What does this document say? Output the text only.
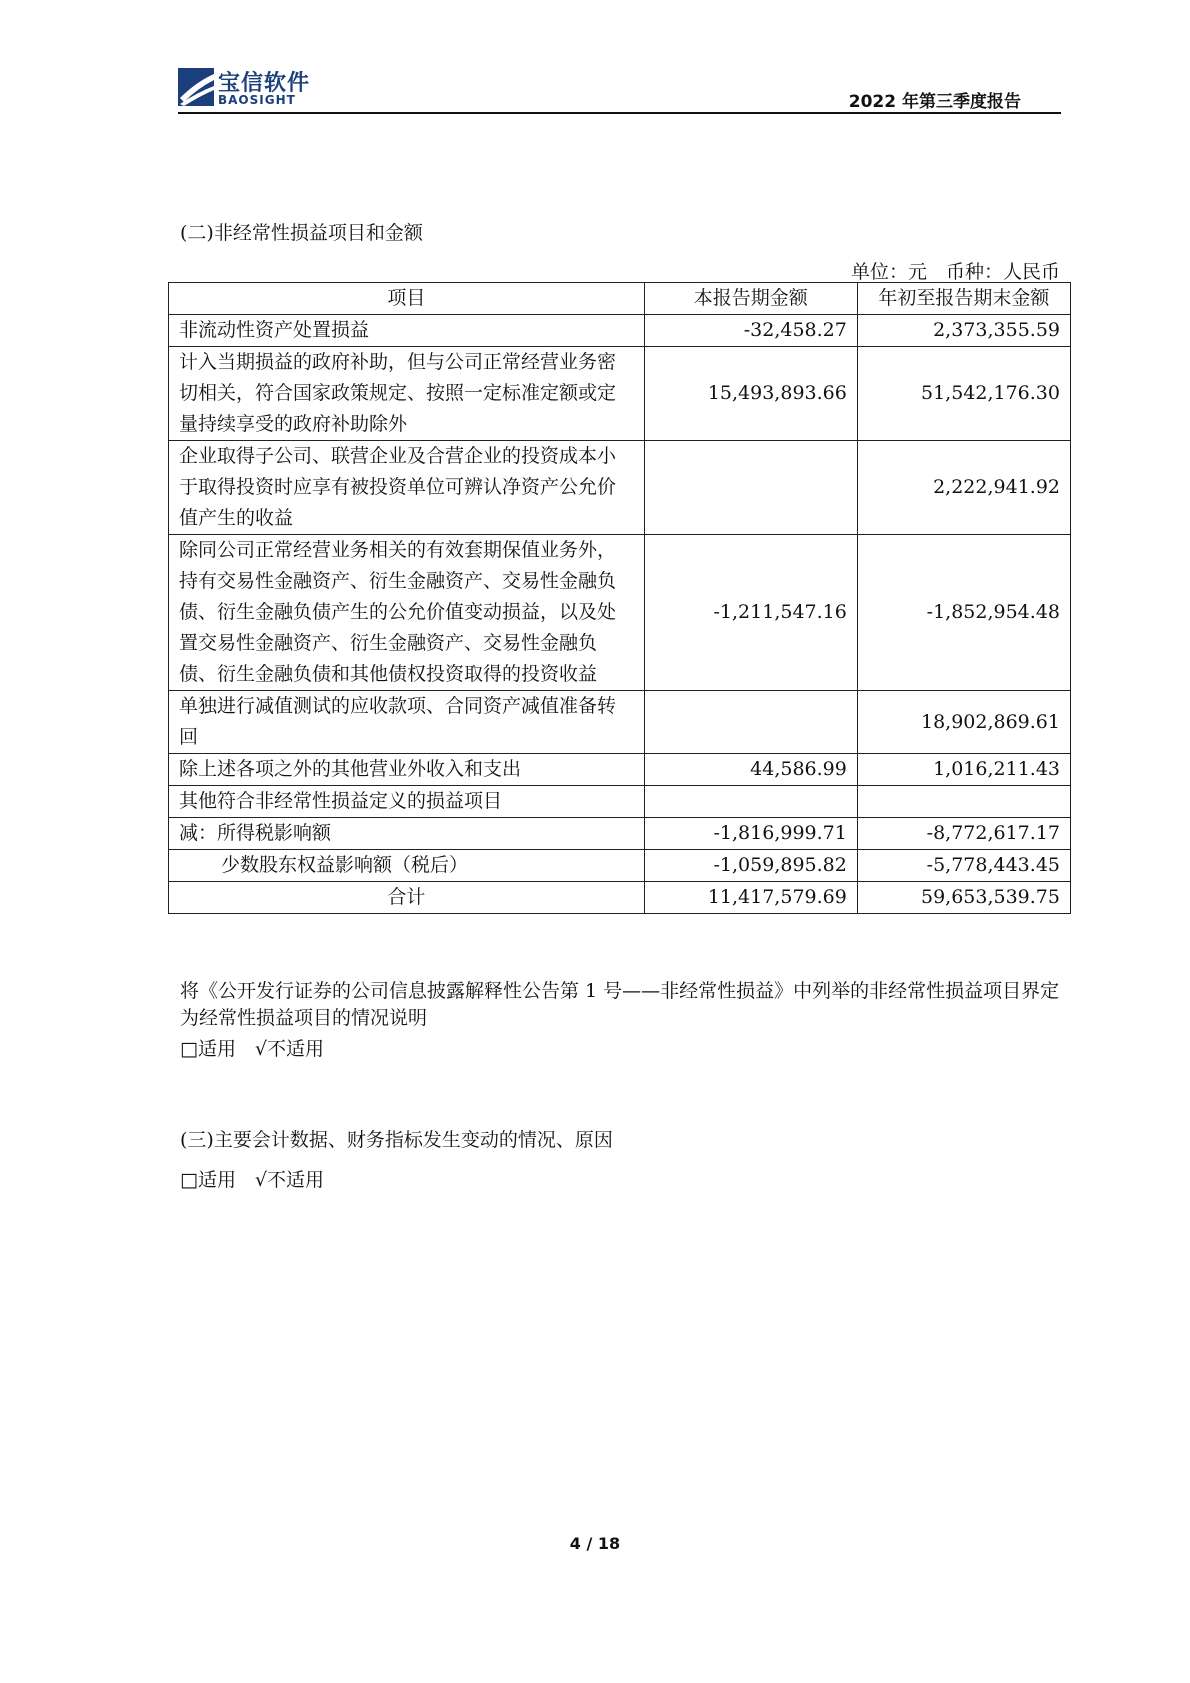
宝信软件
BAOSIGHT	2022 年第三季度报告
(二)非经常性损益项目和金额
单位：元　币种：人民币
项目	本报告期金额	年初至报告期末金额
非流动性资产处置损益	-32,458.27	2,373,355.59
计入当期损益的政府补助，但与公司正常经营业务密切相关，符合国家政策规定、按照一定标准定额或定量持续享受的政府补助除外	15,493,893.66	51,542,176.30
企业取得子公司、联营企业及合营企业的投资成本小于取得投资时应享有被投资单位可辨认净资产公允价值产生的收益		2,222,941.92
除同公司正常经营业务相关的有效套期保值业务外，持有交易性金融资产、衍生金融资产、交易性金融负债、衍生金融负债产生的公允价值变动损益，以及处置交易性金融资产、衍生金融资产、交易性金融负债、衍生金融负债和其他债权投资取得的投资收益	-1,211,547.16	-1,852,954.48
单独进行减值测试的应收款项、合同资产减值准备转回		18,902,869.61
除上述各项之外的其他营业外收入和支出	44,586.99	1,016,211.43
其他符合非经常性损益定义的损益项目		
减：所得税影响额	-1,816,999.71	-8,772,617.17
少数股东权益影响额（税后）	-1,059,895.82	-5,778,443.45
合计	11,417,579.69	59,653,539.75
将《公开发行证券的公司信息披露解释性公告第 1 号——非经常性损益》中列举的非经常性损益项目界定为经常性损益项目的情况说明
□适用　√不适用
(三)主要会计数据、财务指标发生变动的情况、原因
□适用　√不适用
4 / 18
